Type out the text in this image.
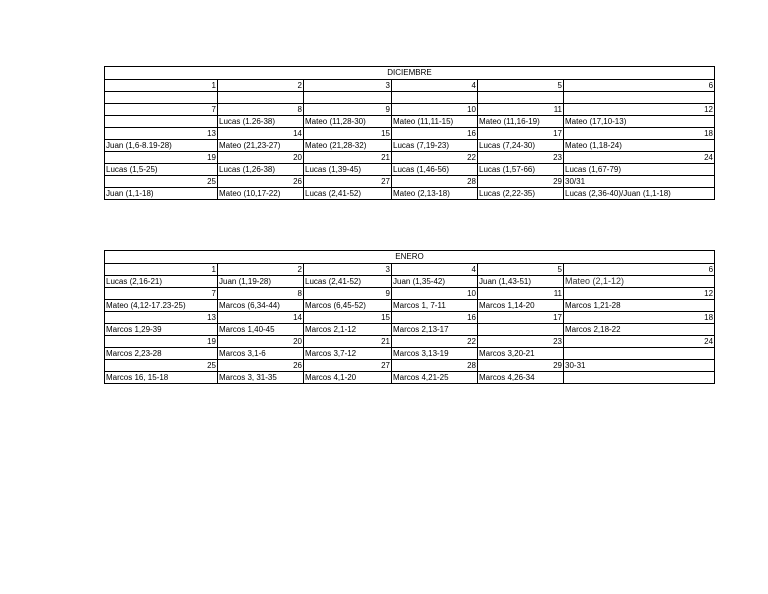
DICIEMBRE					
1	2	3	4	5	6

7	8	9	10	11	12
	Lucas (1.26-38)	Mateo (11,28-30)	Mateo (11,11-15)	Mateo (11,16-19)	Mateo (17,10-13)
13	14	15	16	17	18
Juan (1,6-8.19-28)	Mateo (21,23-27)	Mateo (21,28-32)	Lucas (7,19-23)	Lucas (7,24-30)	Mateo (1,18-24)
19	20	21	22	23	24
Lucas (1,5-25)	Lucas (1,26-38)	Lucas (1,39-45)	Lucas (1,46-56)	Lucas (1,57-66)	Lucas (1,67-79)
25	26	27	28	29	30/31
Juan (1,1-18)	Mateo (10,17-22)	Lucas (2,41-52)	Mateo (2,13-18)	Lucas (2,22-35)	Lucas (2,36-40)/Juan (1,1-18)
ENERO					
1	2	3	4	5	6
Lucas (2,16-21)	Juan (1,19-28)	Lucas (2,41-52)	Juan (1,35-42)	Juan (1,43-51)	Mateo (2,1-12)
7	8	9	10	11	12
Mateo (4,12-17.23-25)	Marcos (6,34-44)	Marcos (6,45-52)	Marcos 1, 7-11	Marcos 1,14-20	Marcos 1,21-28
13	14	15	16	17	18
Marcos 1,29-39	Marcos 1,40-45	Marcos 2,1-12	Marcos 2,13-17		Marcos 2,18-22
19	20	21	22	23	24
Marcos 2,23-28	Marcos 3,1-6	Marcos 3,7-12	Marcos 3,13-19	Marcos 3,20-21	
25	26	27	28	29	30-31
Marcos 16, 15-18	Marcos 3, 31-35	Marcos 4,1-20	Marcos 4,21-25	Marcos 4,26-34	
